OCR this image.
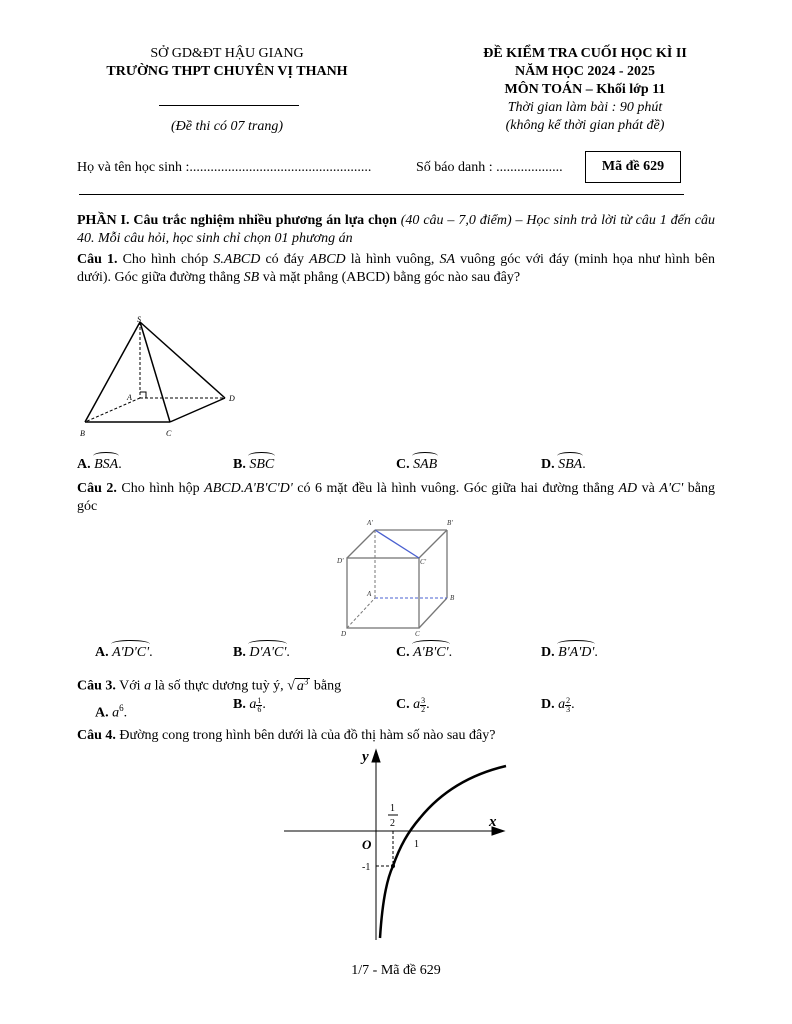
SỞ GD&ĐT HẬU GIANG
TRƯỜNG THPT CHUYÊN VỊ THANH
(Đề thi có 07 trang)
ĐỀ KIỂM TRA CUỐI HỌC KÌ II
NĂM HỌC 2024 - 2025
MÔN TOÁN – Khối lớp 11
Thời gian làm bài : 90 phút
(không kể thời gian phát đề)
Họ và tên học sinh :....................................................	Số báo danh : ...................	Mã đề 629
PHẦN I. Câu trắc nghiệm nhiều phương án lựa chọn (40 câu – 7,0 điểm) – Học sinh trả lời từ câu 1 đến câu 40. Mỗi câu hỏi, học sinh chỉ chọn 01 phương án
Câu 1. Cho hình chóp S.ABCD có đáy ABCD là hình vuông, SA vuông góc với đáy (minh họa như hình bên dưới). Góc giữa đường thẳng SB và mặt phẳng (ABCD) bằng góc nào sau đây?
S
A
B	C
D
A. BSA.	B. SBC	C. SAB	D. SBA.
Câu 2. Cho hình hộp ABCD.A'B'C'D' có 6 mặt đều là hình vuông. Góc giữa hai đường thẳng AD và A'C' bằng góc
A'	B'
C'
D'
A	B
C
D
A. A'D'C'.	B. D'A'C'.	C. A'B'C'.	D. B'A'D'.
Câu 3. Với a là số thực dương tuỳ ý, √ $a^3$ bằng
A. $a^6$.
B. a $\frac{1}{6}$ .	C. a $\frac{3}{2}$ .	D. a $\frac{2}{3}$ .
Câu 4. Đường cong trong hình bên dưới là của đồ thị hàm số nào sau đây?
y
x
O	1
-1
1
2
1/7 - Mã đề 629
